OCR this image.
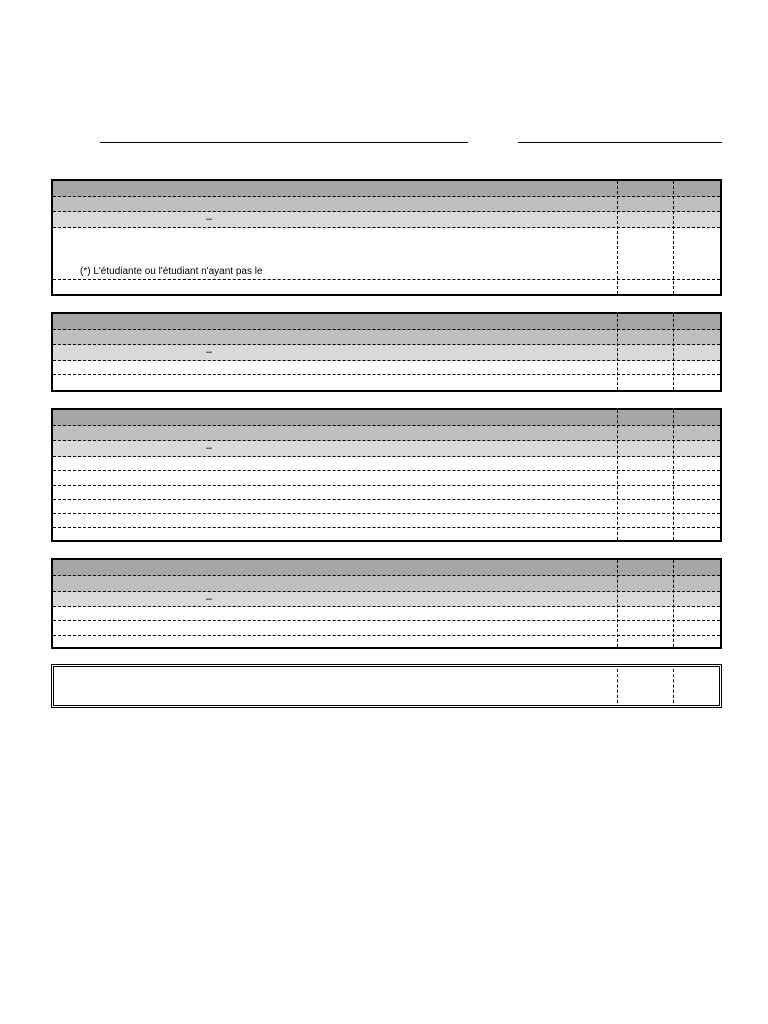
–
(*) L'étudiante ou l'étudiant n'ayant pas le
–
–
–
